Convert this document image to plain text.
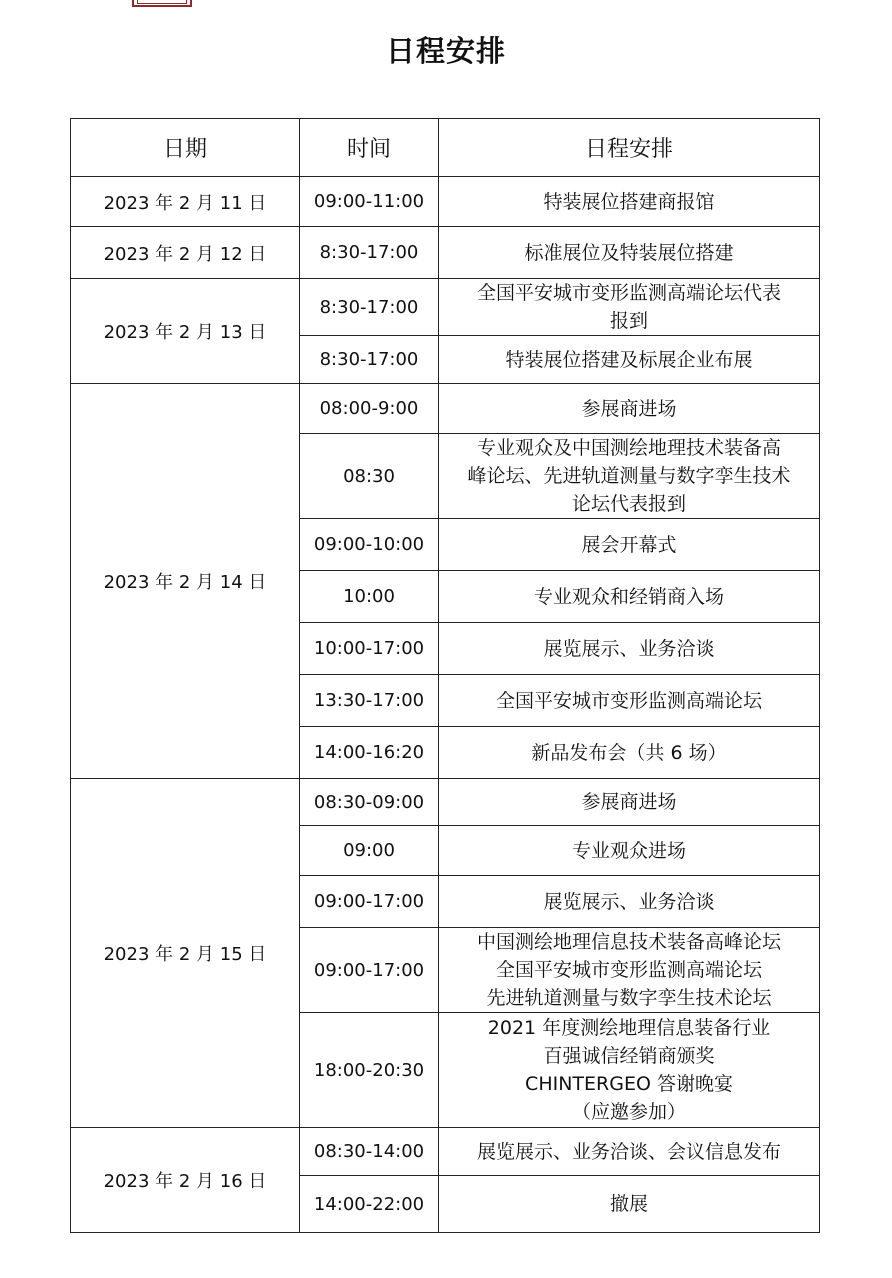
日程安排
日期	时间	日程安排
2023 年 2 月 11 日	09:00-11:00	特装展位搭建商报馆

2023 年 2 月 12 日	8:30-17:00	标准展位及特装展位搭建

2023 年 2 月 13 日	8:30-17:00	全国平安城市变形监测高端论坛代表
报到

	8:30-17:00	特装展位搭建及标展企业布展

2023 年 2 月 14 日	08:00-9:00	参展商进场

	08:30	专业观众及中国测绘地理技术装备高
峰论坛、先进轨道测量与数字孪生技术
论坛代表报到

	09:00-10:00	展会开幕式

	10:00	专业观众和经销商入场

	10:00-17:00	展览展示、业务洽谈

	13:30-17:00	全国平安城市变形监测高端论坛

	14:00-16:20	新品发布会（共 6 场）

2023 年 2 月 15 日	08:30-09:00	参展商进场

	09:00	专业观众进场

	09:00-17:00	展览展示、业务洽谈

	09:00-17:00	中国测绘地理信息技术装备高峰论坛
全国平安城市变形监测高端论坛
先进轨道测量与数字孪生技术论坛

	18:00-20:30	2021 年度测绘地理信息装备行业
百强诚信经销商颁奖
CHINTERGEO 答谢晚宴
（应邀参加）

2023 年 2 月 16 日	08:30-14:00	展览展示、业务洽谈、会议信息发布

	14:00-22:00	撤展
